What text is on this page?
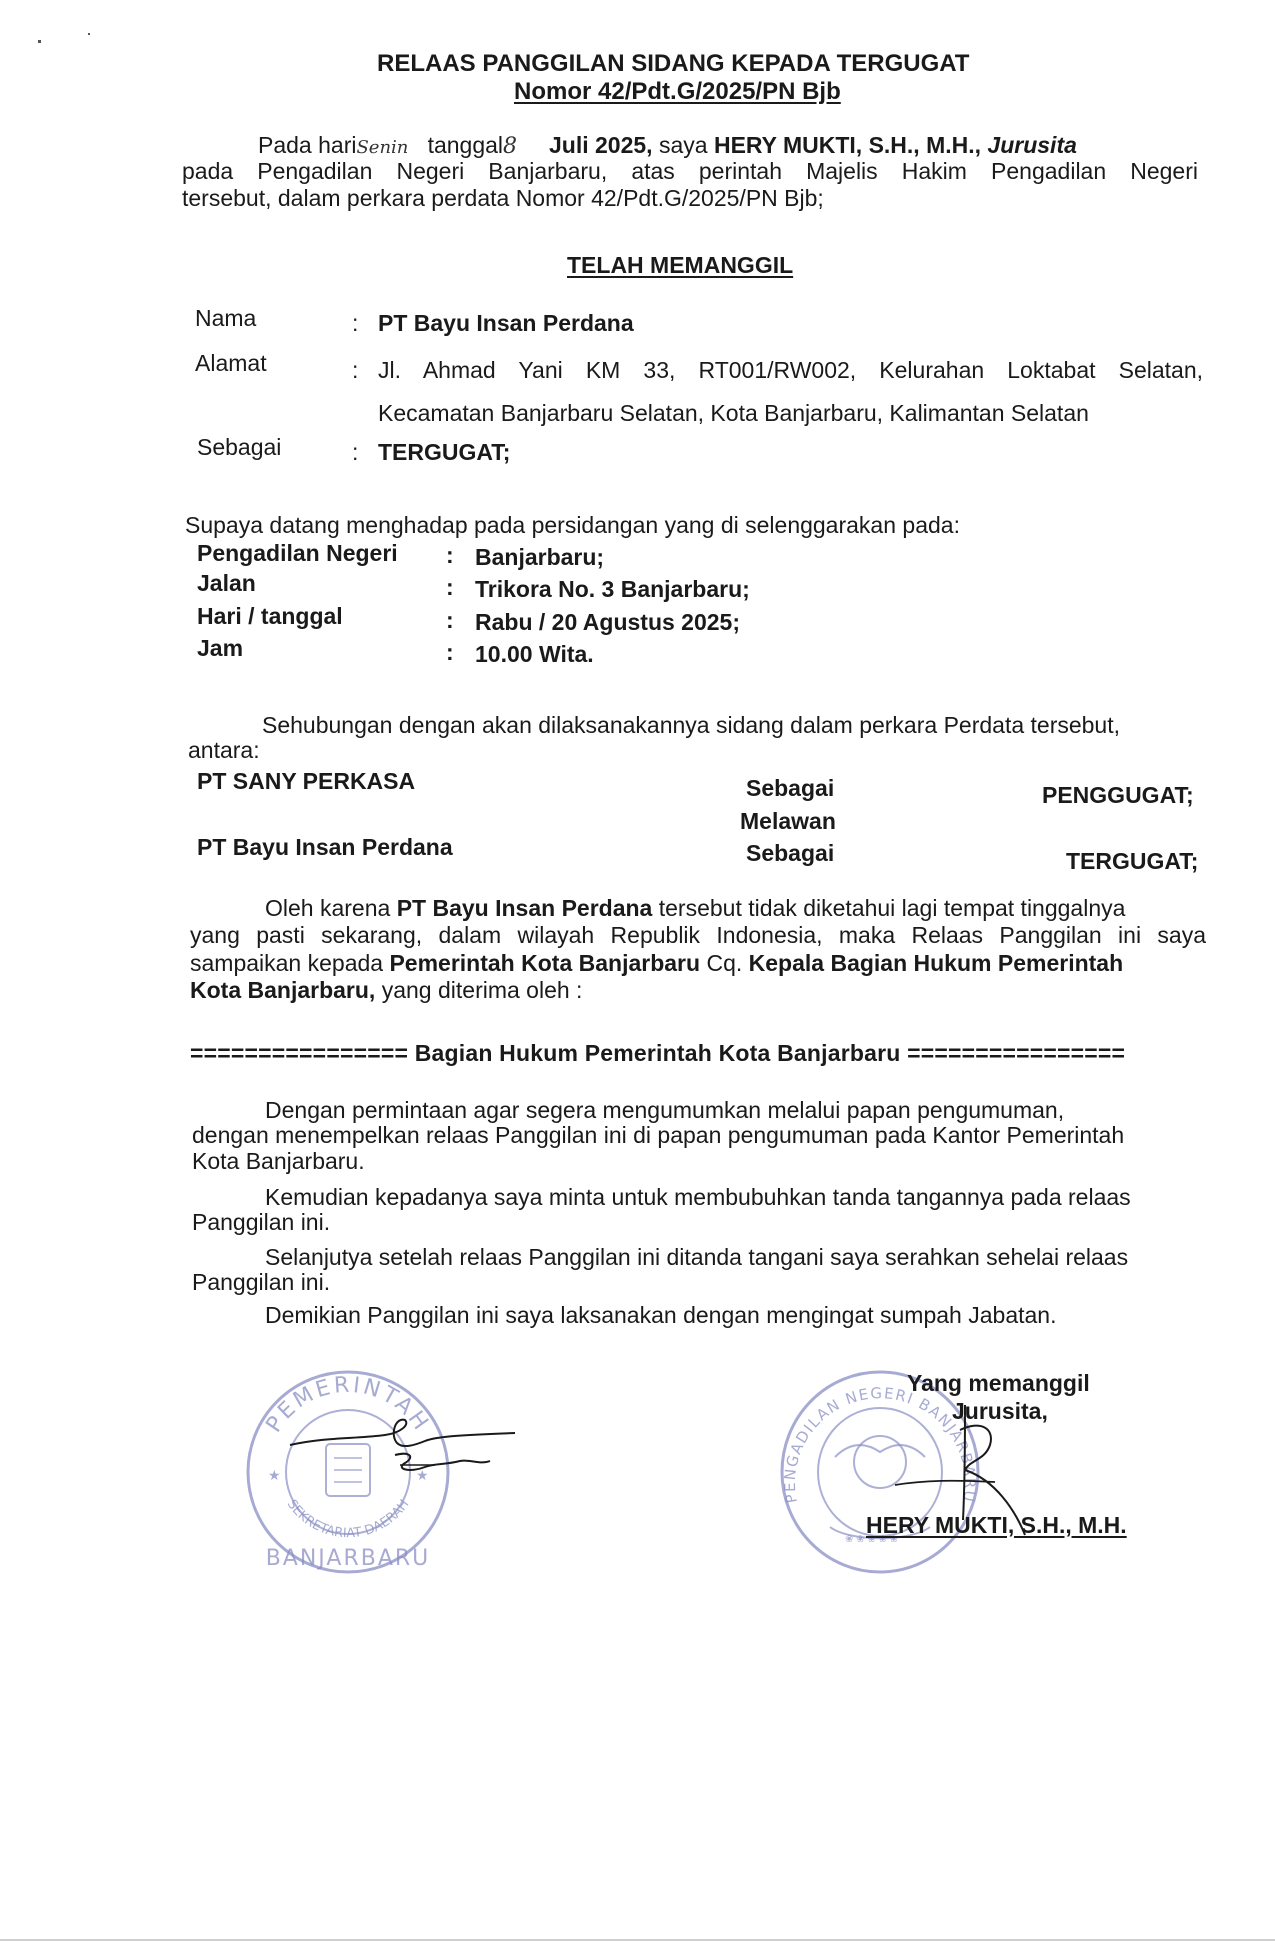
RELAAS PANGGILAN SIDANG KEPADA TERGUGAT
Nomor 42/Pdt.G/2025/PN Bjb
Pada hariSenin tanggal8 Juli 2025, saya HERY MUKTI, S.H., M.H., Jurusita
pada Pengadilan Negeri Banjarbaru, atas perintah Majelis Hakim Pengadilan Negeri
tersebut, dalam perkara perdata Nomor 42/Pdt.G/2025/PN Bjb;
TELAH MEMANGGIL
Nama	: PT Bayu Insan Perdana
Alamat	: Jl. Ahmad Yani KM 33, RT001/RW002, Kelurahan Loktabat Selatan,
Kecamatan Banjarbaru Selatan, Kota Banjarbaru, Kalimantan Selatan
Sebagai	: TERGUGAT;
Supaya datang menghadap pada persidangan yang di selenggarakan pada:
Pengadilan Negeri : Banjarbaru;
Jalan	: Trikora No. 3 Banjarbaru;
Hari / tanggal	: Rabu / 20 Agustus 2025;
Jam	: 10.00 Wita.
Sehubungan dengan akan dilaksanakannya sidang dalam perkara Perdata tersebut,
antara:
PT SANY PERKASA	Sebagai	PENGGUGAT;
Melawan
PT Bayu Insan Perdana	Sebagai	TERGUGAT;
Oleh karena PT Bayu Insan Perdana tersebut tidak diketahui lagi tempat tinggalnya
yang pasti sekarang, dalam wilayah Republik Indonesia, maka Relaas Panggilan ini saya
sampaikan kepada Pemerintah Kota Banjarbaru Cq. Kepala Bagian Hukum Pemerintah
Kota Banjarbaru, yang diterima oleh :
================ Bagian Hukum Pemerintah Kota Banjarbaru ================
Dengan permintaan agar segera mengumumkan melalui papan pengumuman,
dengan menempelkan relaas Panggilan ini di papan pengumuman pada Kantor Pemerintah
Kota Banjarbaru.
Kemudian kepadanya saya minta untuk membubuhkan tanda tangannya pada relaas
Panggilan ini.
Selanjutya setelah relaas Panggilan ini ditanda tangani saya serahkan sehelai relaas
Panggilan ini.
Demikian Panggilan ini saya laksanakan dengan mengingat sumpah Jabatan.
PEMERINTAH
SEKRETARIAT DAERAH
BANJARBARU
★	★
PENGADILAN NEGERI BANJARBARU
❀ ❀ ❀ ❀ ❀
Yang memanggil
Jurusita,
HERY MUKTI, S.H., M.H.
